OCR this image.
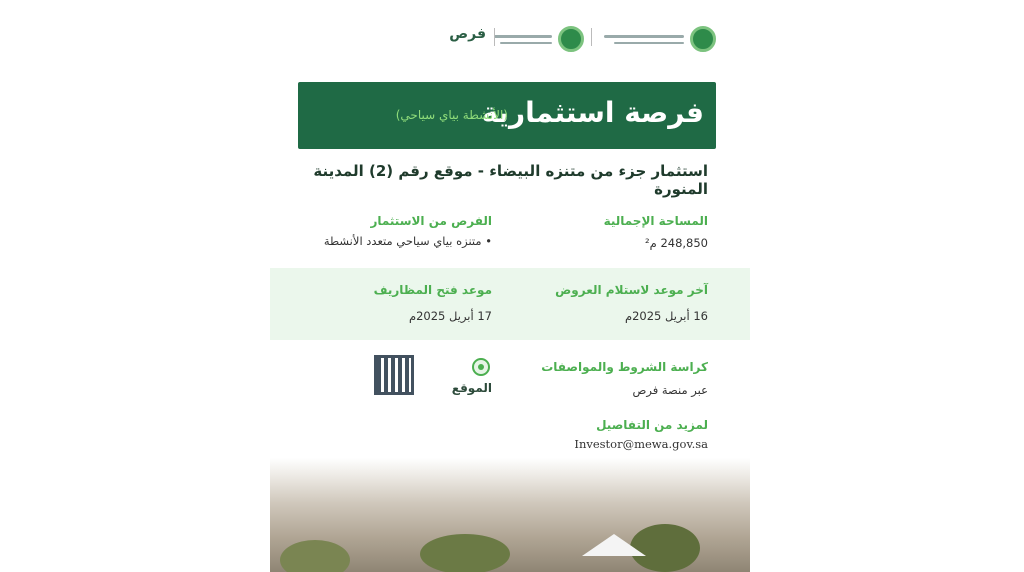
فرص
فرصة استثمارية
(الأنشطة بياي سياحي)
استثمار جزء من متنزه البيضاء - موقع رقم (2) المدينة المنورة
المساحة الإجمالية
248,850 م²
الفرص من الاستثمار
• متنزه بياي سياحي متعدد الأنشطة
آخر موعد لاستلام العروض
16 أبريل 2025م
موعد فتح المظاريف
17 أبريل 2025م
كراسة الشروط والمواصفات
عبر منصة فرص
الموقع
لمزيد من التفاصيل
Investor@mewa.gov.sa
